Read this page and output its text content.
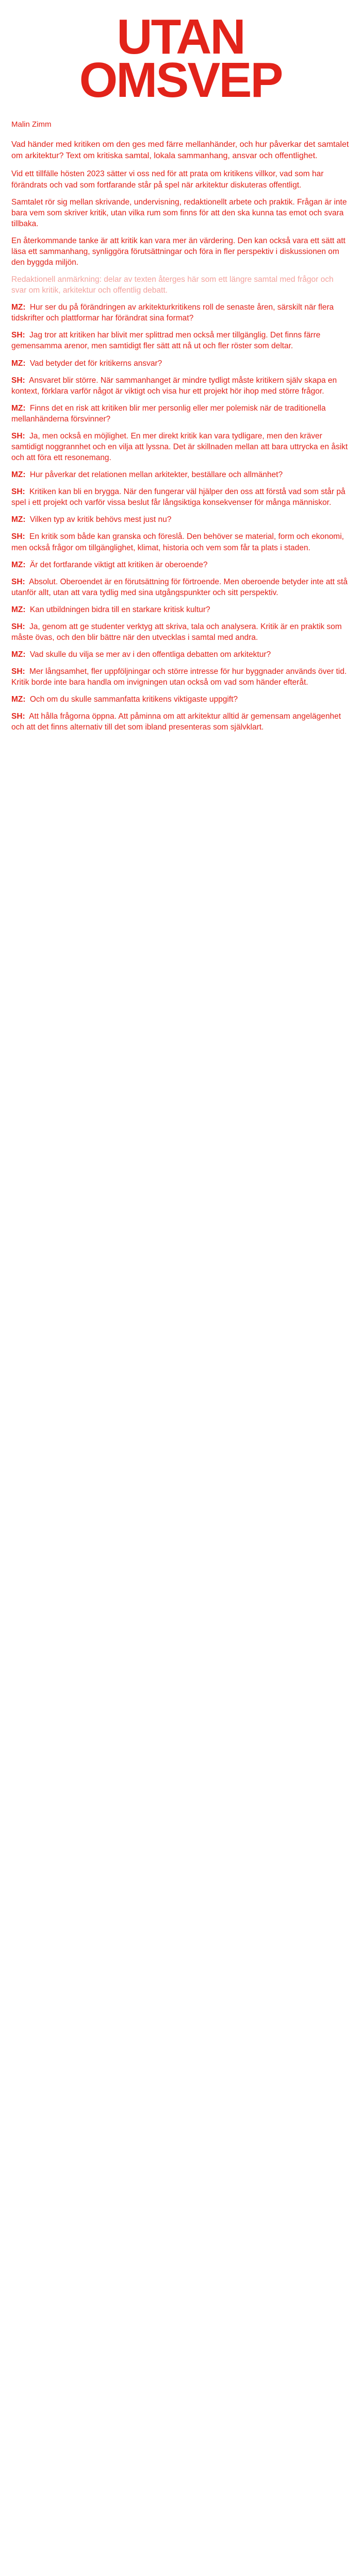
UTAN
OMSVEP
Malin Zimm

Vad händer med kritiken om den ges med färre mellanhänder, och hur påverkar det samtalet om arkitektur? Text om kritiska samtal, lokala sammanhang, ansvar och offentlighet.

Vid ett tillfälle hösten 2023 sätter vi oss ned för att prata om kritikens villkor, vad som har förändrats och vad som fortfarande står på spel när arkitektur diskuteras offentligt.

Samtalet rör sig mellan skrivande, undervisning, redaktionellt arbete och praktik. Frågan är inte bara vem som skriver kritik, utan vilka rum som finns för att den ska kunna tas emot och svara tillbaka.

En återkommande tanke är att kritik kan vara mer än värdering. Den kan också vara ett sätt att läsa ett sammanhang, synliggöra förutsättningar och föra in fler perspektiv i diskussionen om den byggda miljön.

Redaktionell anmärkning: delar av texten återges här som ett längre samtal med frågor och svar om kritik, arkitektur och offentlig debatt.
MZ: Hur ser du på förändringen av arkitekturkritikens roll de senaste åren, särskilt när flera tidskrifter och plattformar har förändrat sina format?
SH: Jag tror att kritiken har blivit mer splittrad men också mer tillgänglig. Det finns färre gemensamma arenor, men samtidigt fler sätt att nå ut och fler röster som deltar.
MZ: Vad betyder det för kritikerns ansvar?
SH: Ansvaret blir större. När sammanhanget är mindre tydligt måste kritikern själv skapa en kontext, förklara varför något är viktigt och visa hur ett projekt hör ihop med större frågor.
MZ: Finns det en risk att kritiken blir mer personlig eller mer polemisk när de traditionella mellanhänderna försvinner?
SH: Ja, men också en möjlighet. En mer direkt kritik kan vara tydligare, men den kräver samtidigt noggrannhet och en vilja att lyssna. Det är skillnaden mellan att bara uttrycka en åsikt och att föra ett resonemang.
MZ: Hur påverkar det relationen mellan arkitekter, beställare och allmänhet?
SH: Kritiken kan bli en brygga. När den fungerar väl hjälper den oss att förstå vad som står på spel i ett projekt och varför vissa beslut får långsiktiga konsekvenser för många människor.
MZ: Vilken typ av kritik behövs mest just nu?
SH: En kritik som både kan granska och föreslå. Den behöver se material, form och ekonomi, men också frågor om tillgänglighet, klimat, historia och vem som får ta plats i staden.
MZ: Är det fortfarande viktigt att kritiken är oberoende?
SH: Absolut. Oberoendet är en förutsättning för förtroende. Men oberoende betyder inte att stå utanför allt, utan att vara tydlig med sina utgångspunkter och sitt perspektiv.
MZ: Kan utbildningen bidra till en starkare kritisk kultur?
SH: Ja, genom att ge studenter verktyg att skriva, tala och analysera. Kritik är en praktik som måste övas, och den blir bättre när den utvecklas i samtal med andra.
MZ: Vad skulle du vilja se mer av i den offentliga debatten om arkitektur?
SH: Mer långsamhet, fler uppföljningar och större intresse för hur byggnader används över tid. Kritik borde inte bara handla om invigningen utan också om vad som händer efteråt.
MZ: Och om du skulle sammanfatta kritikens viktigaste uppgift?
SH: Att hålla frågorna öppna. Att påminna om att arkitektur alltid är gemensam angelägenhet och att det finns alternativ till det som ibland presenteras som självklart.
